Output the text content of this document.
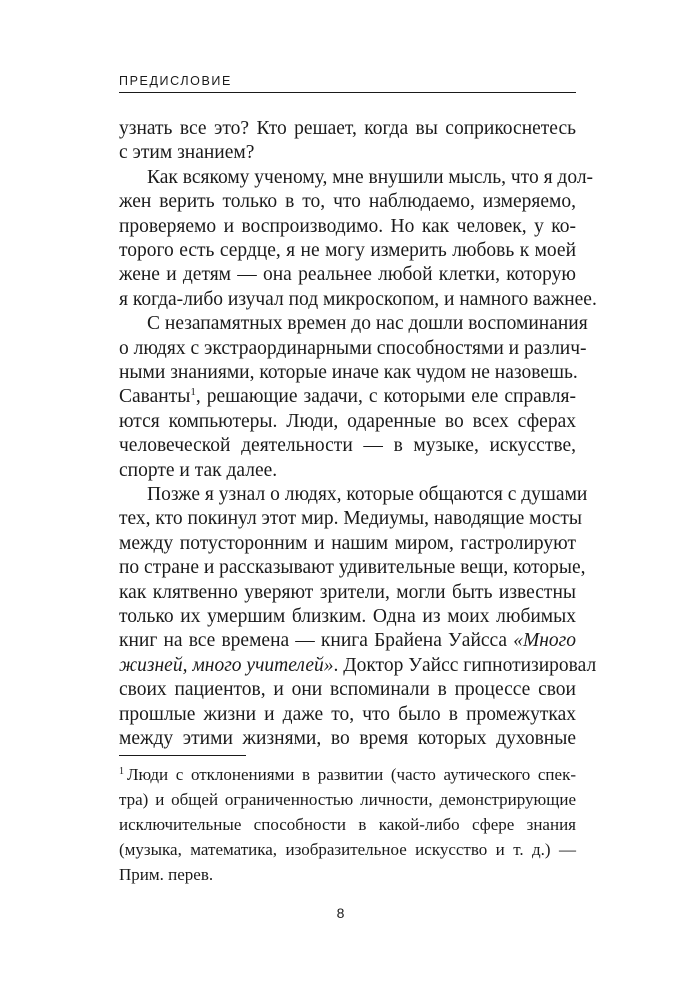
ПРЕДИСЛОВИЕ
узнать все это? Кто решает, когда вы соприкоснетесь
с этим знанием?
Как всякому ученому, мне внушили мысль, что я дол-
жен верить только в то, что наблюдаемо, измеряемо,
проверяемо и воспроизводимо. Но как человек, у ко-
торого есть сердце, я не могу измерить любовь к моей
жене и детям — она реальнее любой клетки, которую
я когда-либо изучал под микроскопом, и намного важнее.
С незапамятных времен до нас дошли воспоминания
о людях с экстраординарными способностями и различ-
ными знаниями, которые иначе как чудом не назовешь.
Саванты$^1$, решающие задачи, с которыми еле справля-
ются компьютеры. Люди, одаренные во всех сферах
человеческой деятельности — в музыке, искусстве,
спорте и так далее.
Позже я узнал о людях, которые общаются с душами
тех, кто покинул этот мир. Медиумы, наводящие мосты
между потусторонним и нашим миром, гастролируют
по стране и рассказывают удивительные вещи, которые,
как клятвенно уверяют зрители, могли быть известны
только их умершим близким. Одна из моих любимых
книг на все времена — книга Брайена Уайсса «Много
жизней, много учителей». Доктор Уайсс гипнотизировал
своих пациентов, и они вспоминали в процессе свои
прошлые жизни и даже то, что было в промежутках
между этими жизнями, во время которых духовные
$^1$ Люди с отклонениями в развитии (часто аутического спек-
тра) и общей ограниченностью личности, демонстрирующие
исключительные способности в какой-либо сфере знания
(музыка, математика, изобразительное искусство и т. д.) —
Прим. перев.
8
